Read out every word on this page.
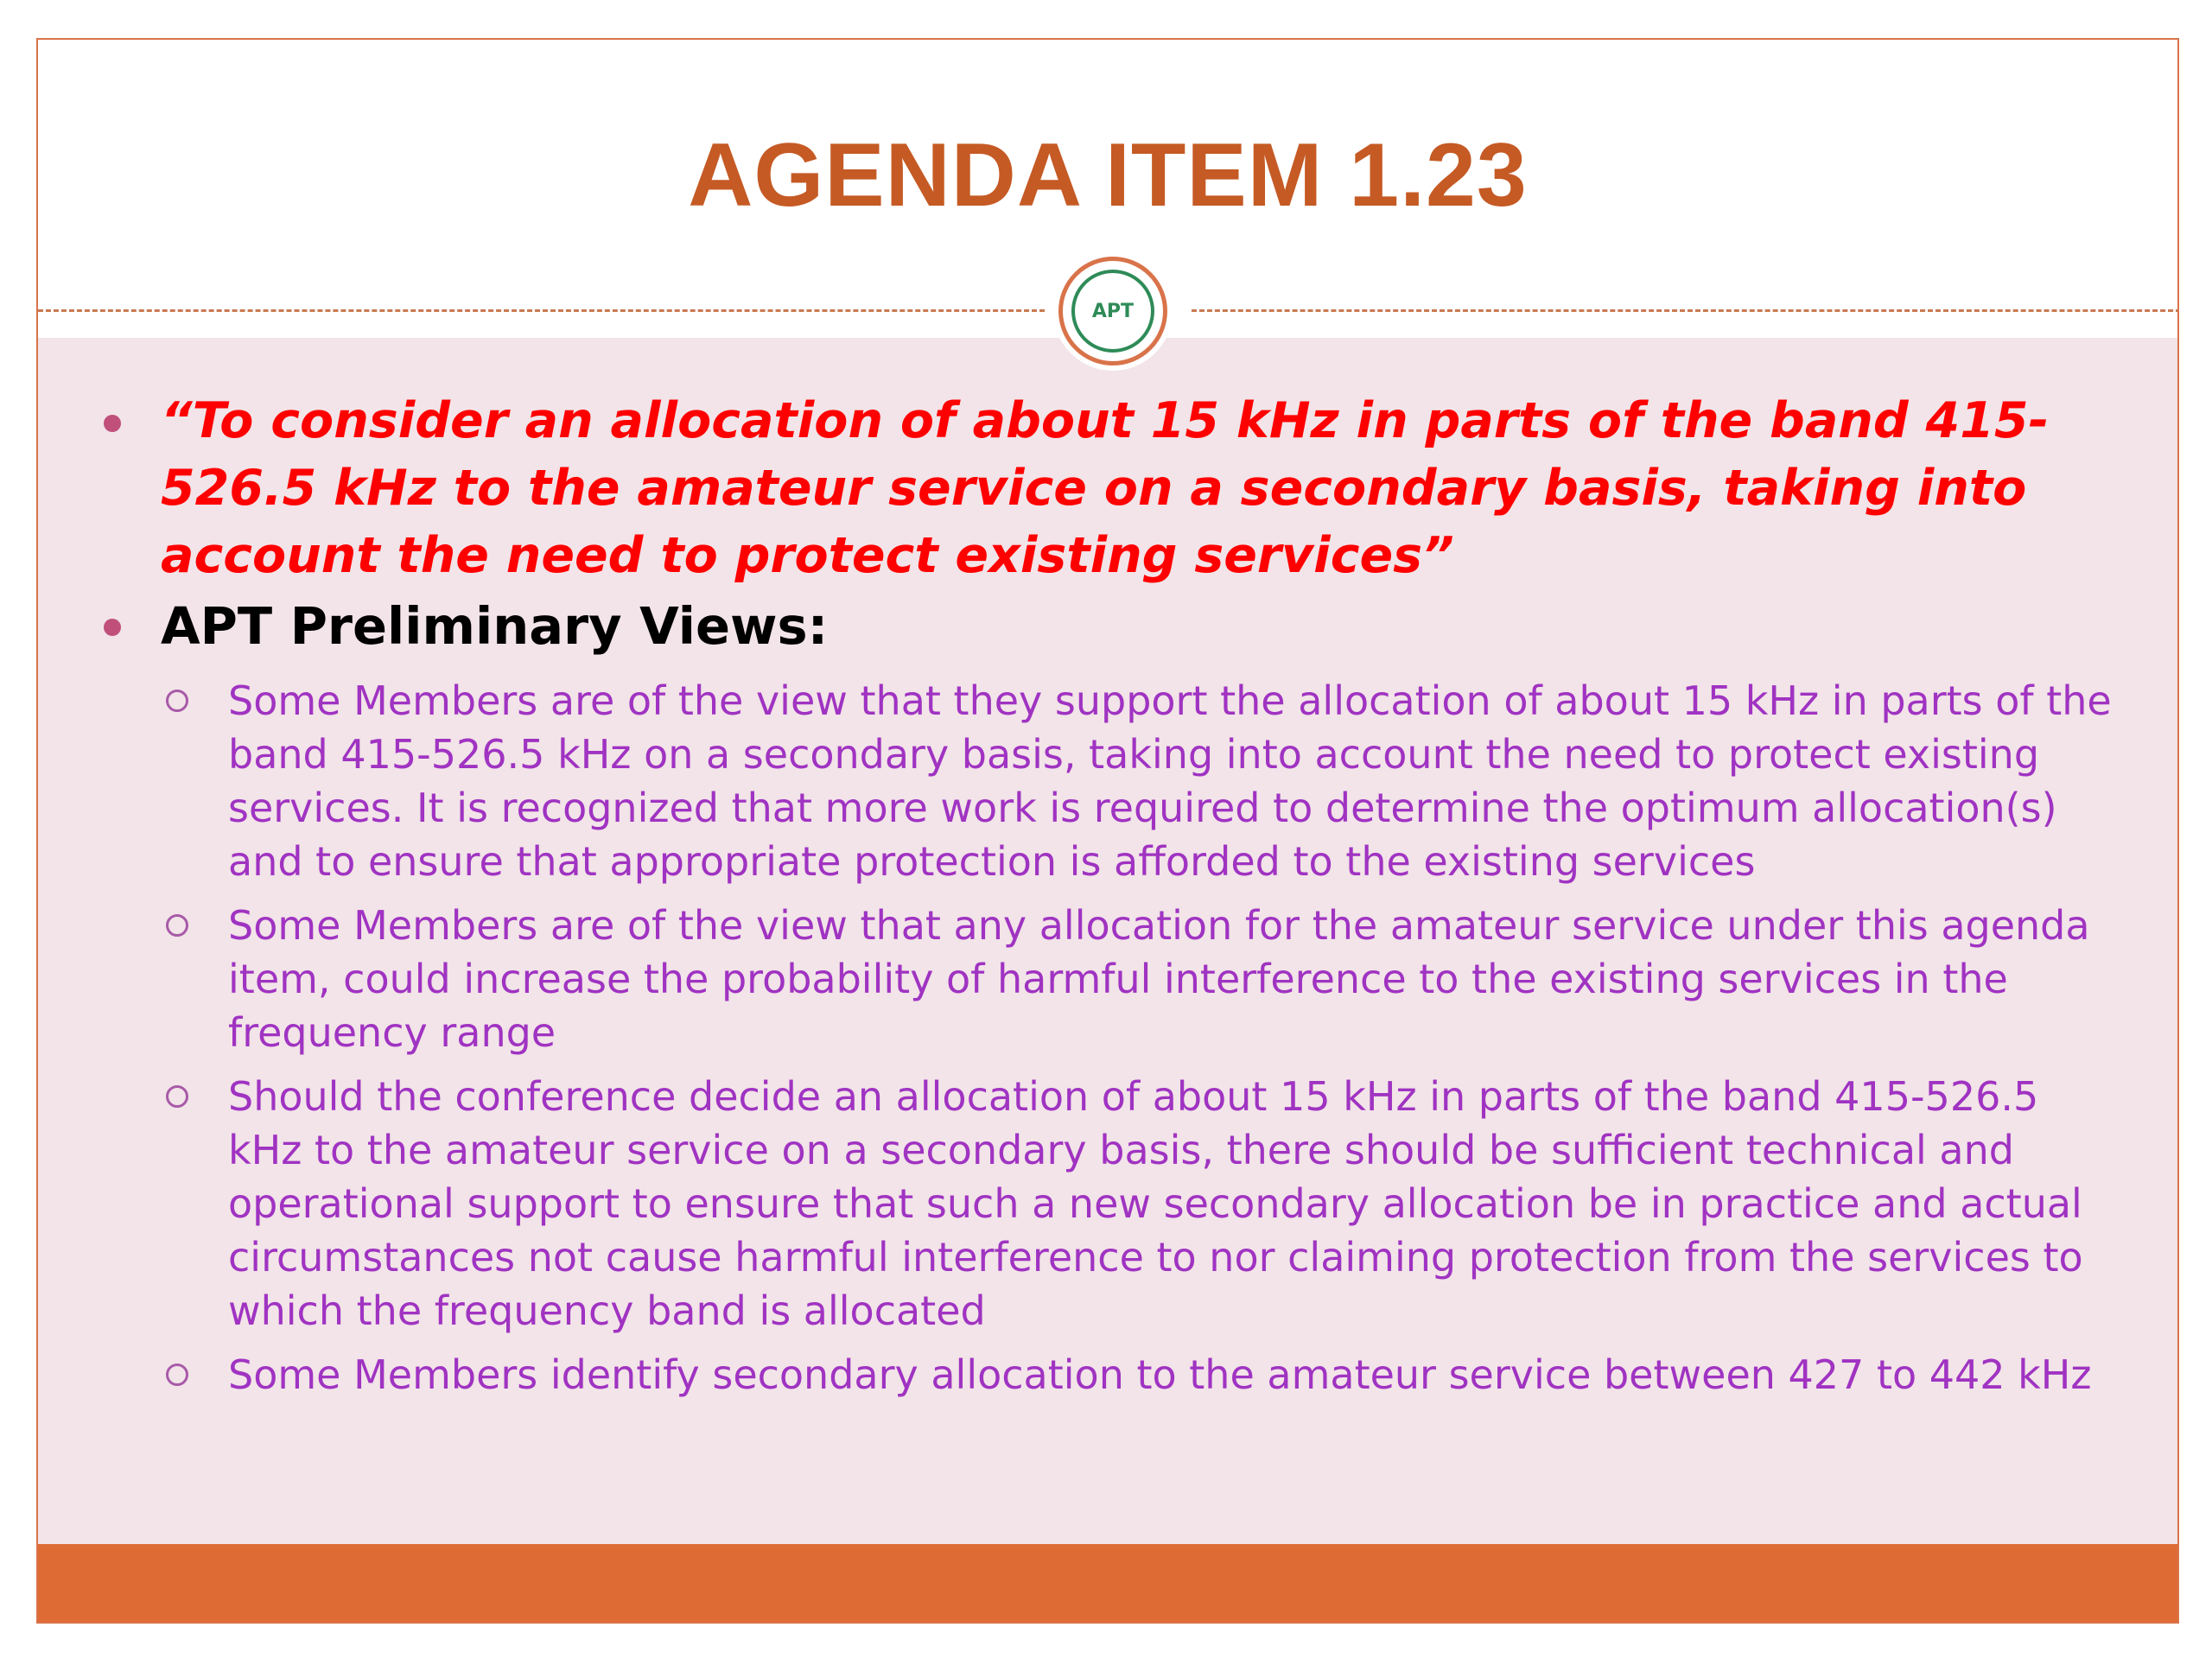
AGENDA ITEM 1.23
APT
“To consider an allocation of about 15 kHz in parts of the band 415-526.5 kHz to the amateur service on a secondary basis, taking into account the need to protect existing services”
APT Preliminary Views:
Some Members are of the view that they support the allocation of about 15 kHz in parts of the band 415-526.5 kHz on a secondary basis, taking into account the need to protect existing services. It is recognized that more work is required to determine the optimum allocation(s) and to ensure that appropriate protection is afforded to the existing services
Some Members are of the view that any allocation for the amateur service under this agenda item, could increase the probability of harmful interference to the existing services in the frequency range
Should the conference decide an allocation of about 15 kHz in parts of the band 415-526.5 kHz to the amateur service on a secondary basis, there should be sufficient technical and operational support to ensure that such a new secondary allocation be in practice and actual circumstances not cause harmful interference to nor claiming protection from the services to which the frequency band is allocated
Some Members identify secondary allocation to the amateur service between 427 to 442 kHz
